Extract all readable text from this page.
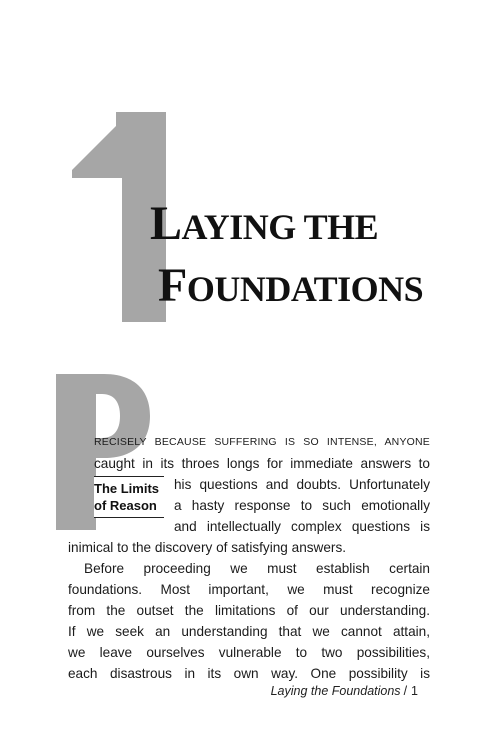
LAYING THE
FOUNDATIONS
RECISELY BECAUSE SUFFERING IS SO INTENSE, ANYONE
caught in its throes longs for immediate answers to
his questions and doubts. Unfortunately
a hasty response to such emotionally
and intellectually complex questions is
inimical to the discovery of satisfying answers.
Before proceeding we must establish certain
foundations. Most important, we must recognize
from the outset the limitations of our understanding.
If we seek an understanding that we cannot attain,
we leave ourselves vulnerable to two possibilities,
each disastrous in its own way. One possibility is
The Limits
of Reason
Laying the Foundations / 1
